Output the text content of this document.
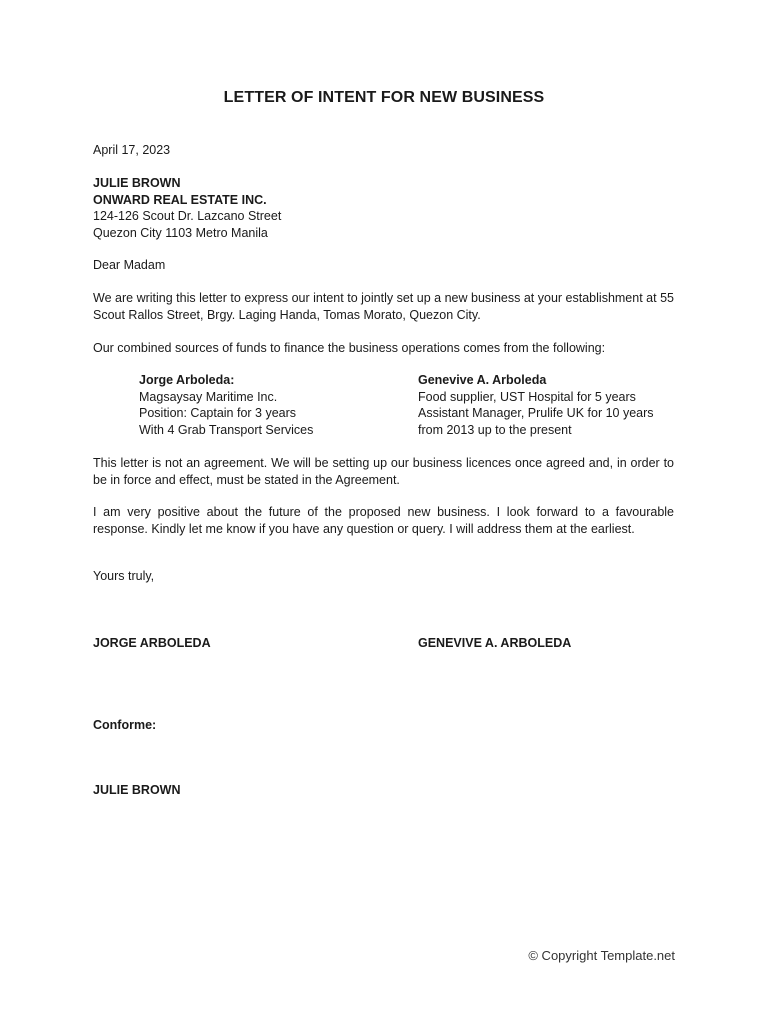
LETTER OF INTENT FOR NEW BUSINESS
April 17, 2023
JULIE BROWN
ONWARD REAL ESTATE INC.
124-126 Scout Dr. Lazcano Street
Quezon City 1103 Metro Manila
Dear Madam
We are writing this letter to express our intent to jointly set up a new business at your establishment at 55 Scout Rallos Street, Brgy. Laging Handa, Tomas Morato, Quezon City.
Our combined sources of funds to finance the business operations comes from the following:
Jorge Arboleda:
Magsaysay Maritime Inc.
Position: Captain for 3 years
With 4 Grab Transport Services
Genevive A. Arboleda
Food supplier, UST Hospital for 5 years
Assistant Manager, Prulife UK for 10 years
from 2013 up to the present
This letter is not an agreement. We will be setting up our business licences once agreed and, in order to be in force and effect, must be stated in the Agreement.
I am very positive about the future of the proposed new business. I look forward to a favourable response. Kindly let me know if you have any question or query. I will address them at the earliest.
Yours truly,
JORGE ARBOLEDA	GENEVIVE A. ARBOLEDA
Conforme:
JULIE BROWN
© Copyright Template.net
